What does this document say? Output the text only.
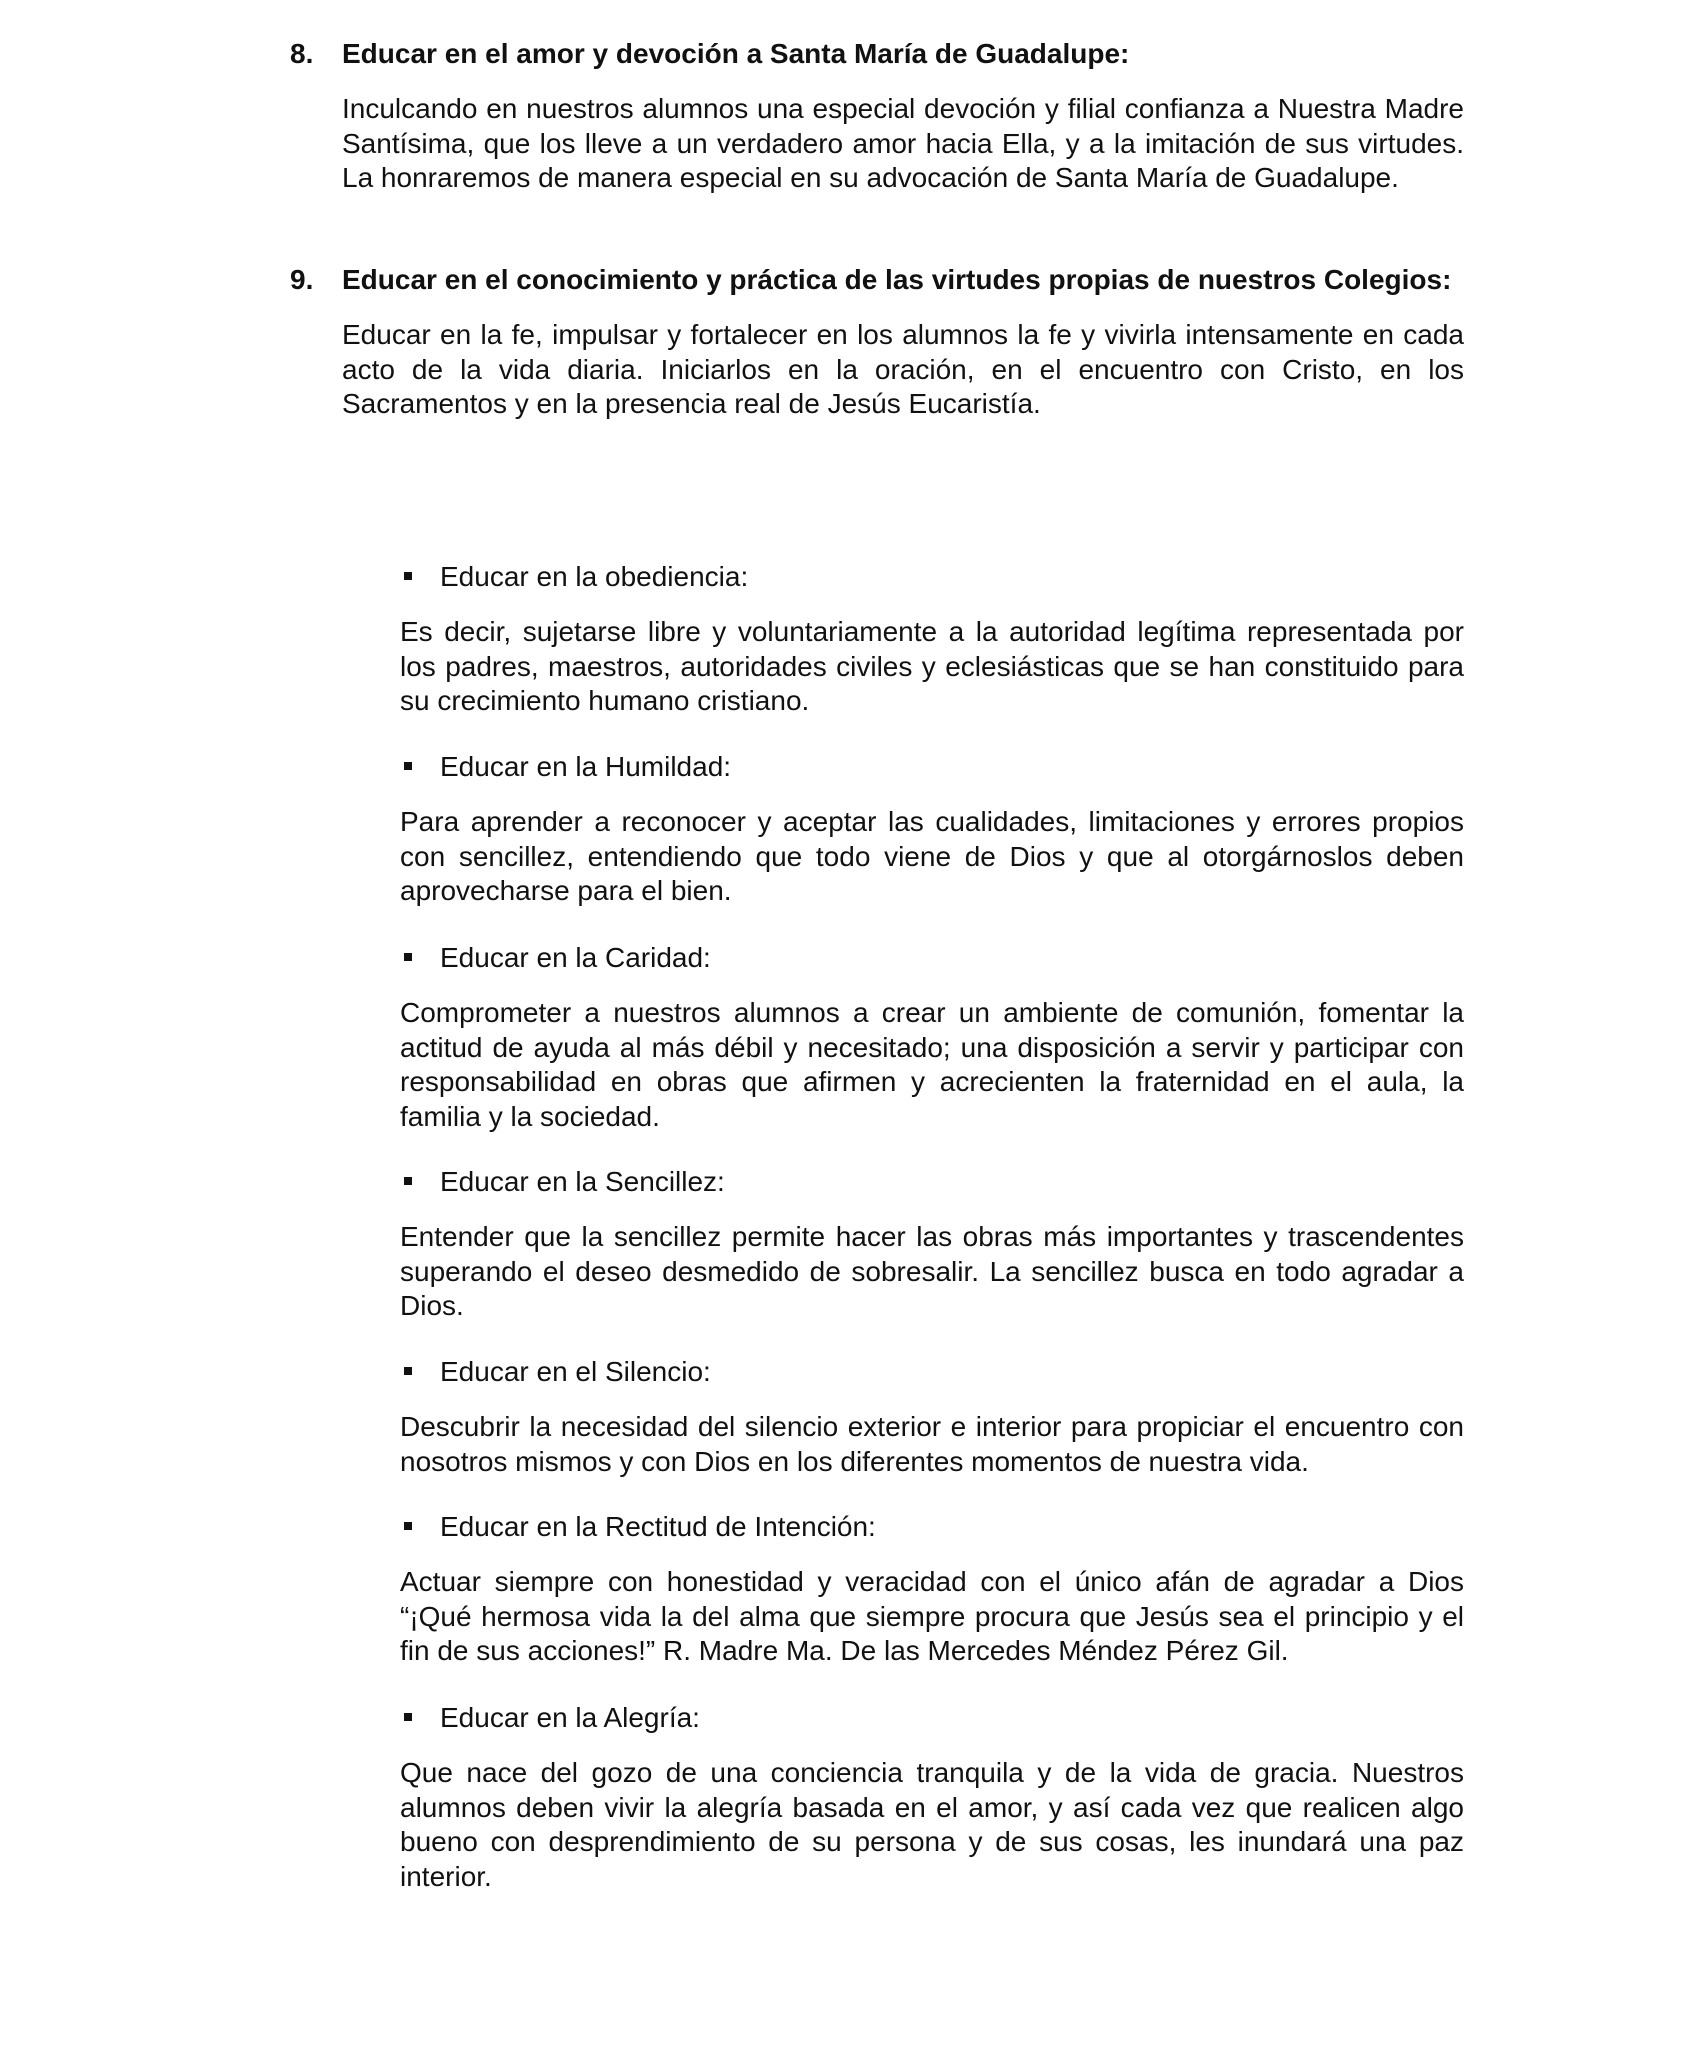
8.	Educar en el amor y devoción a Santa María de Guadalupe:

Inculcando en nuestros alumnos una especial devoción y filial confianza a Nuestra Madre Santísima, que los lleve a un verdadero amor hacia Ella, y a la imitación de sus virtudes. La honraremos de manera especial en su advocación de Santa María de Guadalupe.

9.	Educar en el conocimiento y práctica de las virtudes propias de nuestros Colegios:

Educar en la fe, impulsar y fortalecer en los alumnos la fe y vivirla intensamente en cada acto de la vida diaria. Iniciarlos en la oración, en el encuentro con Cristo, en los Sacramentos y en la presencia real de Jesús Eucaristía.

Educar en la obediencia:

Es decir, sujetarse libre y voluntariamente a la autoridad legítima representada por los padres, maestros, autoridades civiles y eclesiásticas que se han constituido para su crecimiento humano cristiano.

Educar en la Humildad:

Para aprender a reconocer y aceptar las cualidades, limitaciones y errores propios con sencillez, entendiendo que todo viene de Dios y que al otorgárnoslos deben aprovecharse para el bien.

Educar en la Caridad:

Comprometer a nuestros alumnos a crear un ambiente de comunión, fomentar la actitud de ayuda al más débil y necesitado; una disposición a servir y participar con responsabilidad en obras que afirmen y acrecienten la fraternidad en el aula, la familia y la sociedad.

Educar en la Sencillez:

Entender que la sencillez permite hacer las obras más importantes y trascendentes superando el deseo desmedido de sobresalir. La sencillez busca en todo agradar a Dios.

Educar en el Silencio:

Descubrir la necesidad del silencio exterior e interior para propiciar el encuentro con nosotros mismos y con Dios en los diferentes momentos de nuestra vida.

Educar en la Rectitud de Intención:

Actuar siempre con honestidad y veracidad con el único afán de agradar a Dios “¡Qué hermosa vida la del alma que siempre procura que Jesús sea el principio y el fin de sus acciones!” R. Madre Ma. De las Mercedes Méndez Pérez Gil.

Educar en la Alegría:

Que nace del gozo de una conciencia tranquila y de la vida de gracia. Nuestros alumnos deben vivir la alegría basada en el amor, y así cada vez que realicen algo bueno con desprendimiento de su persona y de sus cosas, les inundará una paz interior.
